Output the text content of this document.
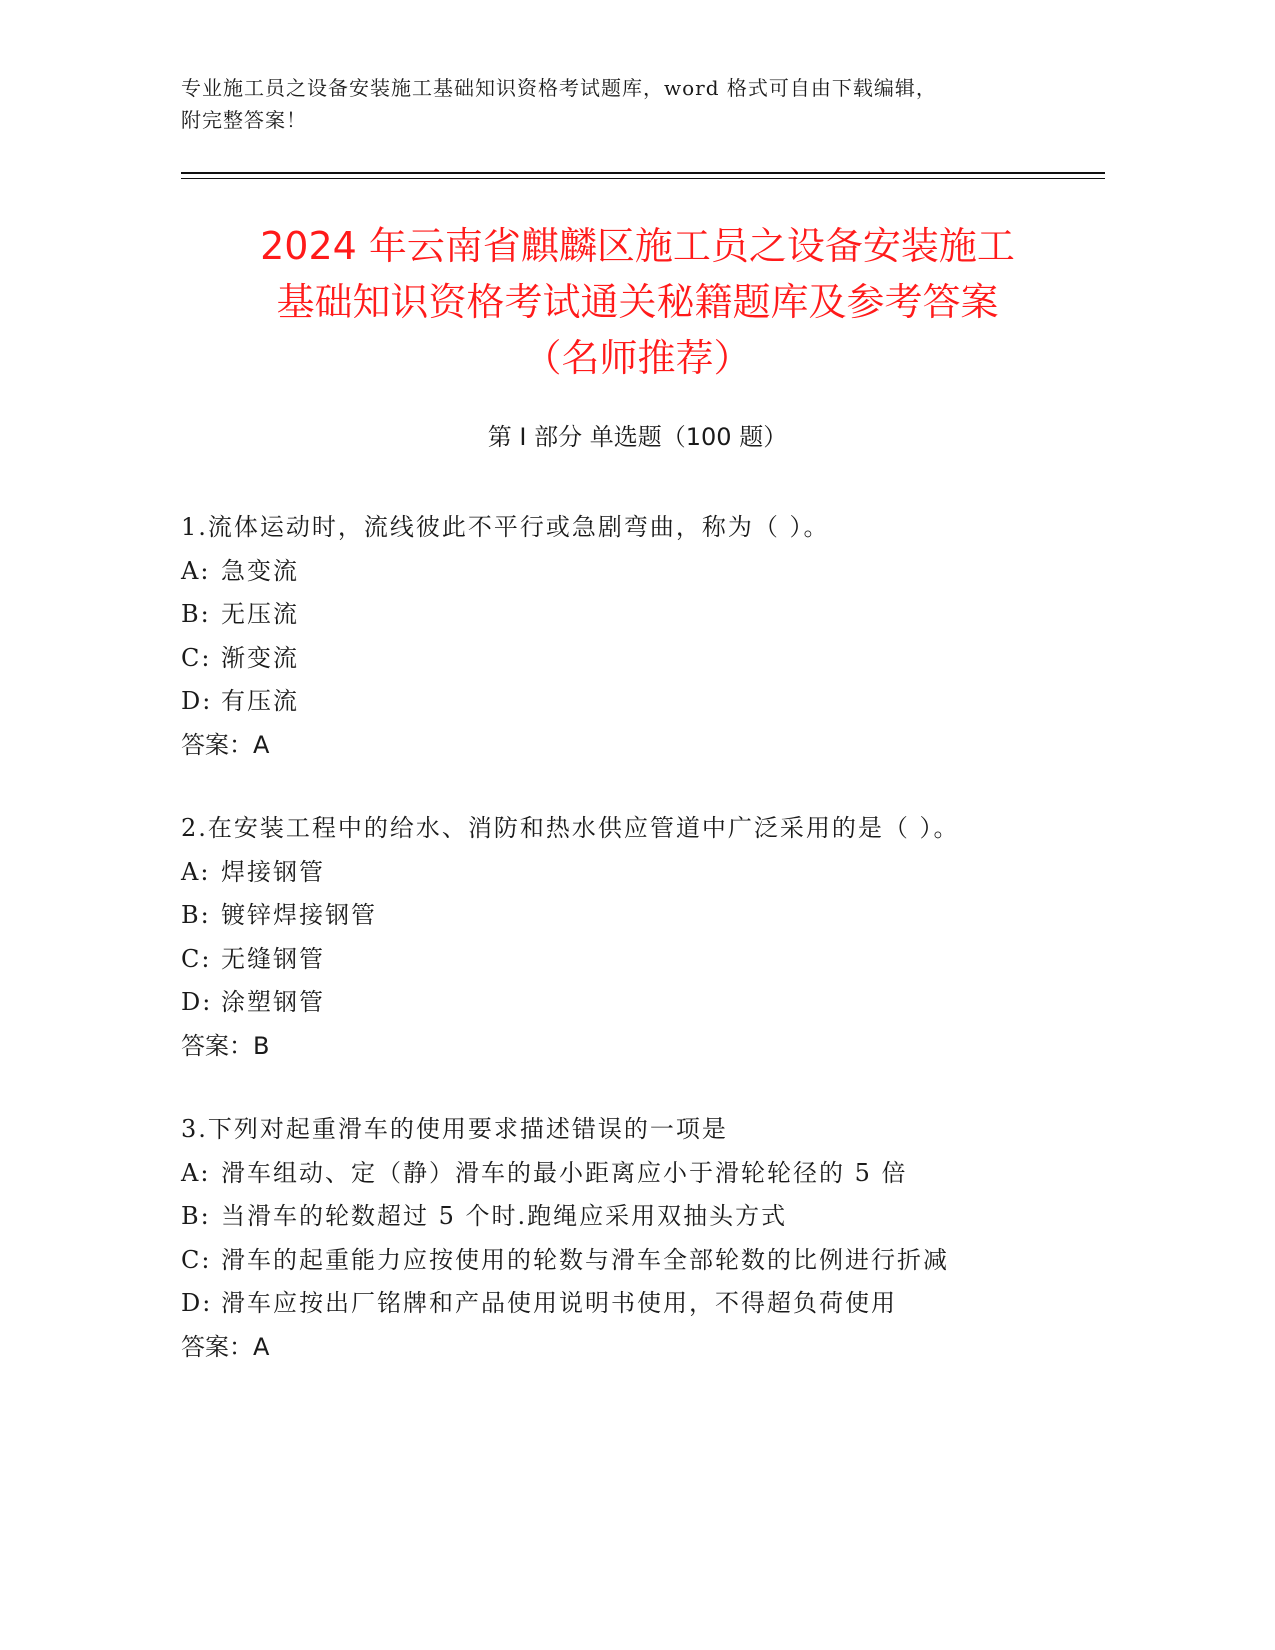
专业施工员之设备安装施工基础知识资格考试题库，word 格式可自由下载编辑，
附完整答案！
2024 年云南省麒麟区施工员之设备安装施工
基础知识资格考试通关秘籍题库及参考答案
（名师推荐）
第 I 部分 单选题（100 题）
1.流体运动时，流线彼此不平行或急剧弯曲，称为（ ）。
A: 急变流
B: 无压流
C: 渐变流
D: 有压流
答案：A
2.在安装工程中的给水、消防和热水供应管道中广泛采用的是（ ）。
A: 焊接钢管
B: 镀锌焊接钢管
C: 无缝钢管
D: 涂塑钢管
答案：B
3.下列对起重滑车的使用要求描述错误的一项是
A: 滑车组动、定（静）滑车的最小距离应小于滑轮轮径的 5 倍
B: 当滑车的轮数超过 5 个时.跑绳应采用双抽头方式
C: 滑车的起重能力应按使用的轮数与滑车全部轮数的比例进行折减
D: 滑车应按出厂铭牌和产品使用说明书使用，不得超负荷使用
答案：A
